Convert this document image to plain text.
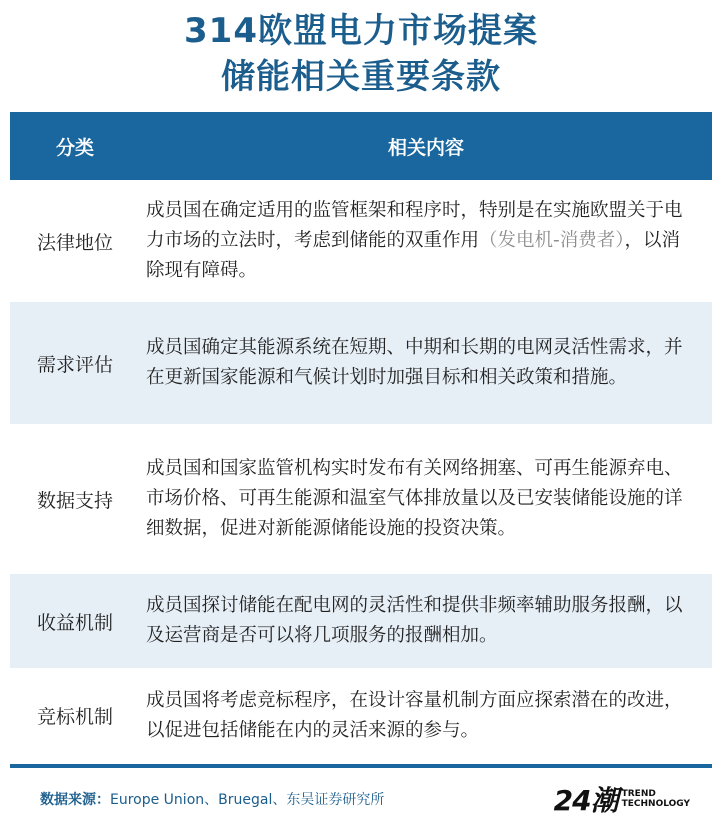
314欧盟电力市场提案
储能相关重要条款
分类	相关内容
法律地位
成员国在确定适用的监管框架和程序时，特别是在实施欧盟关于电力市场的立法时，考虑到储能的双重作用（发电机-消费者），以消除现有障碍。
需求评估
成员国确定其能源系统在短期、中期和长期的电网灵活性需求，并在更新国家能源和气候计划时加强目标和相关政策和措施。
数据支持
成员国和国家监管机构实时发布有关网络拥塞、可再生能源弃电、市场价格、可再生能源和温室气体排放量以及已安装储能设施的详细数据，促进对新能源储能设施的投资决策。
收益机制
成员国探讨储能在配电网的灵活性和提供非频率辅助服务报酬，以及运营商是否可以将几项服务的报酬相加。
竞标机制
成员国将考虑竞标程序，在设计容量机制方面应探索潜在的改进，以促进包括储能在内的灵活来源的参与。
数据来源：Europe Union、Bruegal、东吴证券研究所	24潮 TREND
TECHNOLOGY
